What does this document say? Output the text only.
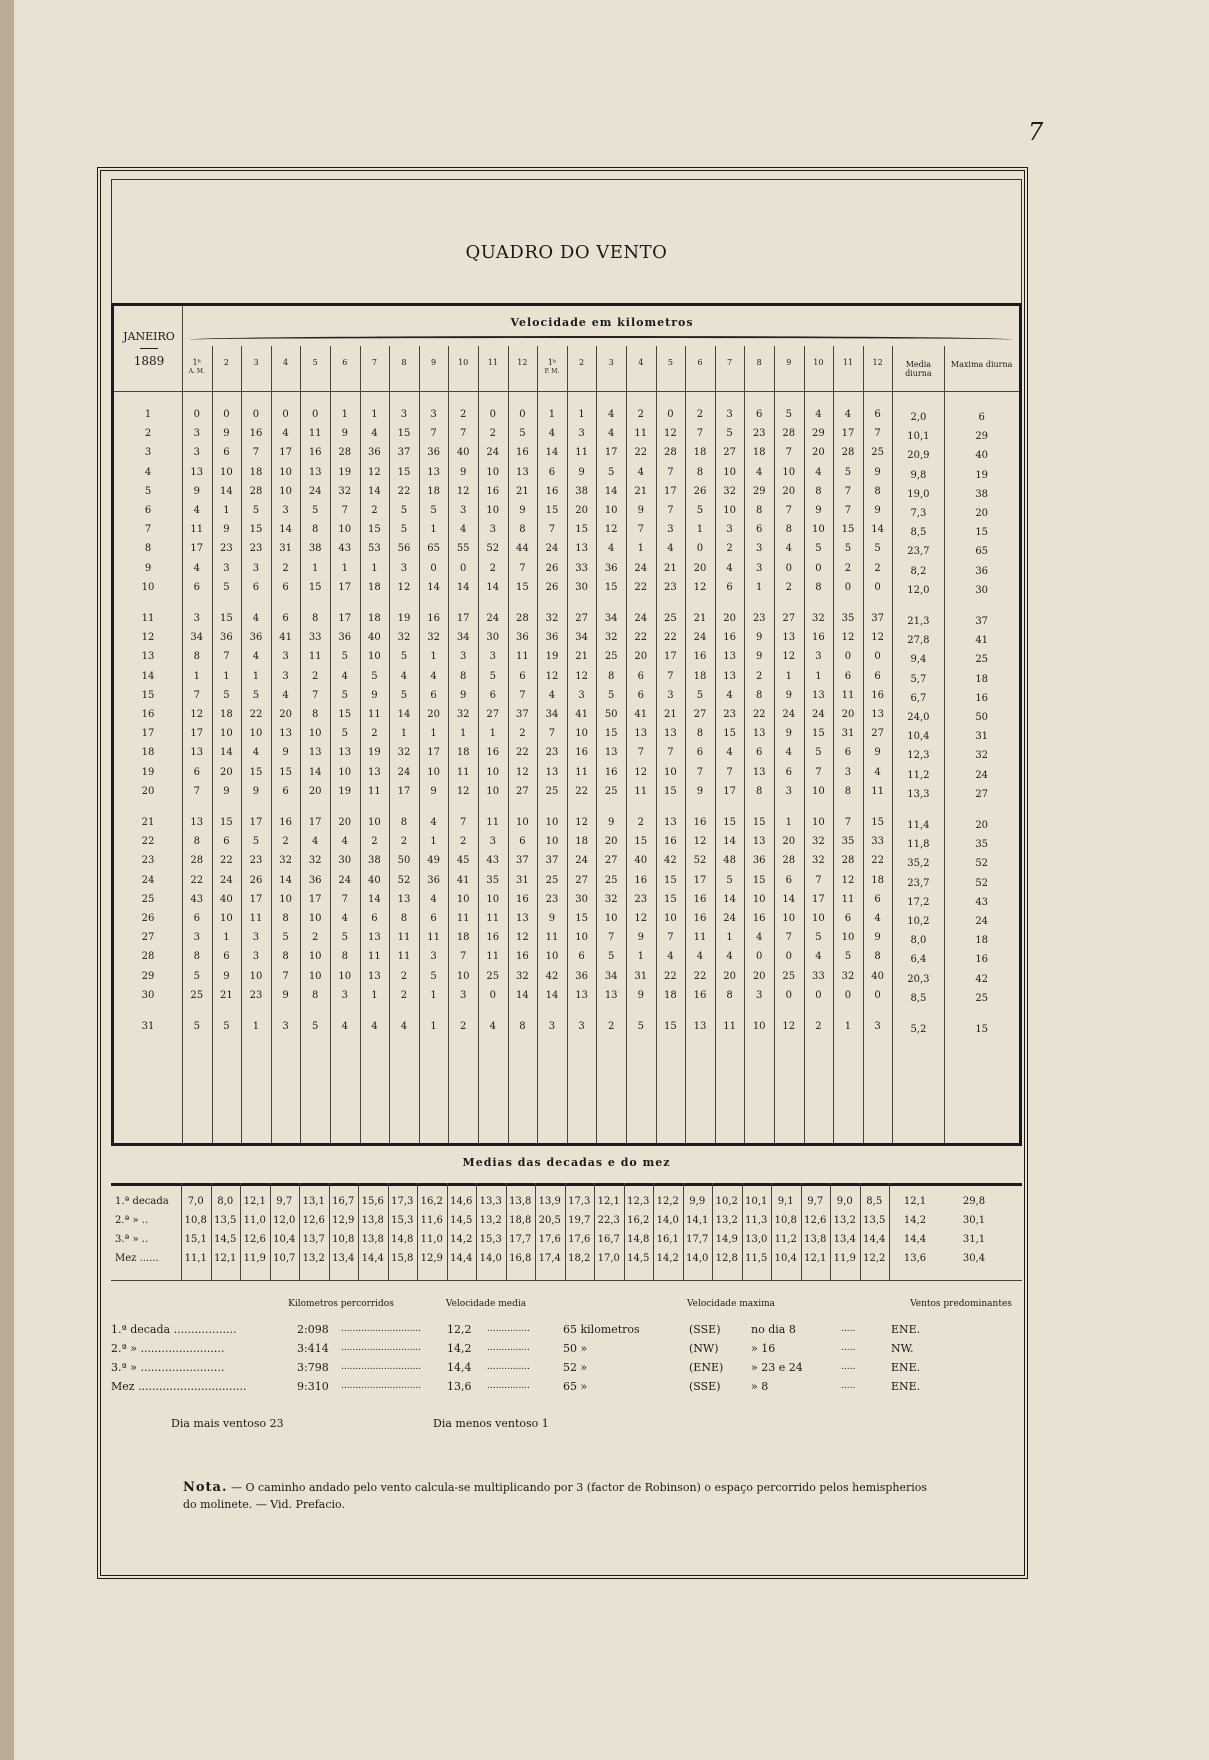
7
QUADRO DO VENTO
1ʰ
A. M.
2	3	4	5	6	7	8	9	10	11	12	1ʰ
P. M.
2	3	4	5	6	7	8	9	10	11	12	Media diurna
Maxima diurna
1	0	0	0	0	0	1	1	3	3	2	0	0	1	1	4	2	0	2	3	6	5	4	4	6	2,0	6
2	3	9	16	4	11	9	4	15	7	7	2	5	4	3	4	11	12	7	5	23	28	29	17	7	10,1	29
3	3	6	7	17	16	28	36	37	36	40	24	16	14	11	17	22	28	18	27	18	7	20	28	25	20,9	40
4	13	10	18	10	13	19	12	15	13	9	10	13	6	9	5	4	7	8	10	4	10	4	5	9	9,8	19
5	9	14	28	10	24	32	14	22	18	12	16	21	16	38	14	21	17	26	32	29	20	8	7	8	19,0	38
6	4	1	5	3	5	7	2	5	5	3	10	9	15	20	10	9	7	5	10	8	7	9	7	9	7,3	20
7	11	9	15	14	8	10	15	5	1	4	3	8	7	15	12	7	3	1	3	6	8	10	15	14	8,5	15
8	17	23	23	31	38	43	53	56	65	55	52	44	24	13	4	1	4	0	2	3	4	5	5	5	23,7	65
9	4	3	3	2	1	1	1	3	0	0	2	7	26	33	36	24	21	20	4	3	0	0	2	2	8,2	36
10	6	5	6	6	15	17	18	12	14	14	14	15	26	30	15	22	23	12	6	1	2	8	0	0	12,0	30
11	3	15	4	6	8	17	18	19	16	17	24	28	32	27	34	24	25	21	20	23	27	32	35	37	21,3	37
12	34	36	36	41	33	36	40	32	32	34	30	36	36	34	32	22	22	24	16	9	13	16	12	12	27,8	41
13	8	7	4	3	11	5	10	5	1	3	3	11	19	21	25	20	17	16	13	9	12	3	0	0	9,4	25
14	1	1	1	3	2	4	5	4	4	8	5	6	12	12	8	6	7	18	13	2	1	1	6	6	5,7	18
15	7	5	5	4	7	5	9	5	6	9	6	7	4	3	5	6	3	5	4	8	9	13	11	16	6,7	16
16	12	18	22	20	8	15	11	14	20	32	27	37	34	41	50	41	21	27	23	22	24	24	20	13	24,0	50
17	17	10	10	13	10	5	2	1	1	1	1	2	7	10	15	13	13	8	15	13	9	15	31	27	10,4	31
18	13	14	4	9	13	13	19	32	17	18	16	22	23	16	13	7	7	6	4	6	4	5	6	9	12,3	32
19	6	20	15	15	14	10	13	24	10	11	10	12	13	11	16	12	10	7	7	13	6	7	3	4	11,2	24
20	7	9	9	6	20	19	11	17	9	12	10	27	25	22	25	11	15	9	17	8	3	10	8	11	13,3	27
21	13	15	17	16	17	20	10	8	4	7	11	10	10	12	9	2	13	16	15	15	1	10	7	15	11,4	20
22	8	6	5	2	4	4	2	2	1	2	3	6	10	18	20	15	16	12	14	13	20	32	35	33	11,8	35
23	28	22	23	32	32	30	38	50	49	45	43	37	37	24	27	40	42	52	48	36	28	32	28	22	35,2	52
24	22	24	26	14	36	24	40	52	36	41	35	31	25	27	25	16	15	17	5	15	6	7	12	18	23,7	52
25	43	40	17	10	17	7	14	13	4	10	10	16	23	30	32	23	15	16	14	10	14	17	11	6	17,2	43
26	6	10	11	8	10	4	6	8	6	11	11	13	9	15	10	12	10	16	24	16	10	10	6	4	10,2	24
27	3	1	3	5	2	5	13	11	11	18	16	12	11	10	7	9	7	11	1	4	7	5	10	9	8,0	18
28	8	6	3	8	10	8	11	11	3	7	11	16	10	6	5	1	4	4	4	0	0	4	5	8	6,4	16
29	5	9	10	7	10	10	13	2	5	10	25	32	42	36	34	31	22	22	20	20	25	33	32	40	20,3	42
30	25	21	23	9	8	3	1	2	1	3	0	14	14	13	13	9	18	16	8	3	0	0	0	0	8,5	25
31	5	5	1	3	5	4	4	4	1	2	4	8	3	3	2	5	15	13	11	10	12	2	1	3	5,2	15
JANEIRO
1889
Velocidade em kilometros
Medias das decadas e do mez
1.ª decada	7,0	8,0	12,1	9,7	13,1 16,7 15,6 17,3 16,2 14,6 13,3 13,8 13,9 17,3 12,1 12,3 12,2	9,9	10,2 10,1	9,1	9,7	9,0	8,5	12,1	29,8
2.ª » ..	10,8 13,5 11,0 12,0 12,6 12,9 13,8 15,3 11,6 14,5 13,2 18,8 20,5 19,7 22,3 16,2 14,0 14,1 13,2 11,3 10,8 12,6 13,2 13,5	14,2	30,1
3.ª » ..	15,1 14,5 12,6 10,4 13,7 10,8 13,8 14,8 11,0 14,2 15,3 17,7 17,6 17,6 16,7 14,8 16,1 17,7 14,9 13,0 11,2 13,8 13,4 14,4	14,4	31,1
Mez ......	11,1 12,1 11,9 10,7 13,2 13,4 14,4 15,8 12,9 14,4 14,0 16,8 17,4 18,2 17,0 14,5 14,2 14,0 12,8 11,5 10,4 12,1 11,9 12,2	13,6	30,4
Kilometros percorridos	Velocidade media	Velocidade maxima	Ventos predominantes
1.ª decada ..................	2:098 ............................ 12,2 ...............	65 kilometros	(SSE)	no dia 8	.....	ENE.
2.ª » ........................	3:414 ............................ 14,2 ...............	50 »	(NW)	» 16	.....	NW.
3.ª » ........................	3:798 ............................ 14,4 ...............	52 »	(ENE)	» 23 e 24	.....	ENE.
Mez ...............................	9:310 ............................ 13,6 ...............	65 »	(SSE)	» 8	.....	ENE.
Dia mais ventoso 23	Dia menos ventoso 1
Nota. — O caminho andado pelo vento calcula-se multiplicando por 3 (factor de Robinson) o espaço percorrido pelos hemispherios do molinete. — Vid. Prefacio.
